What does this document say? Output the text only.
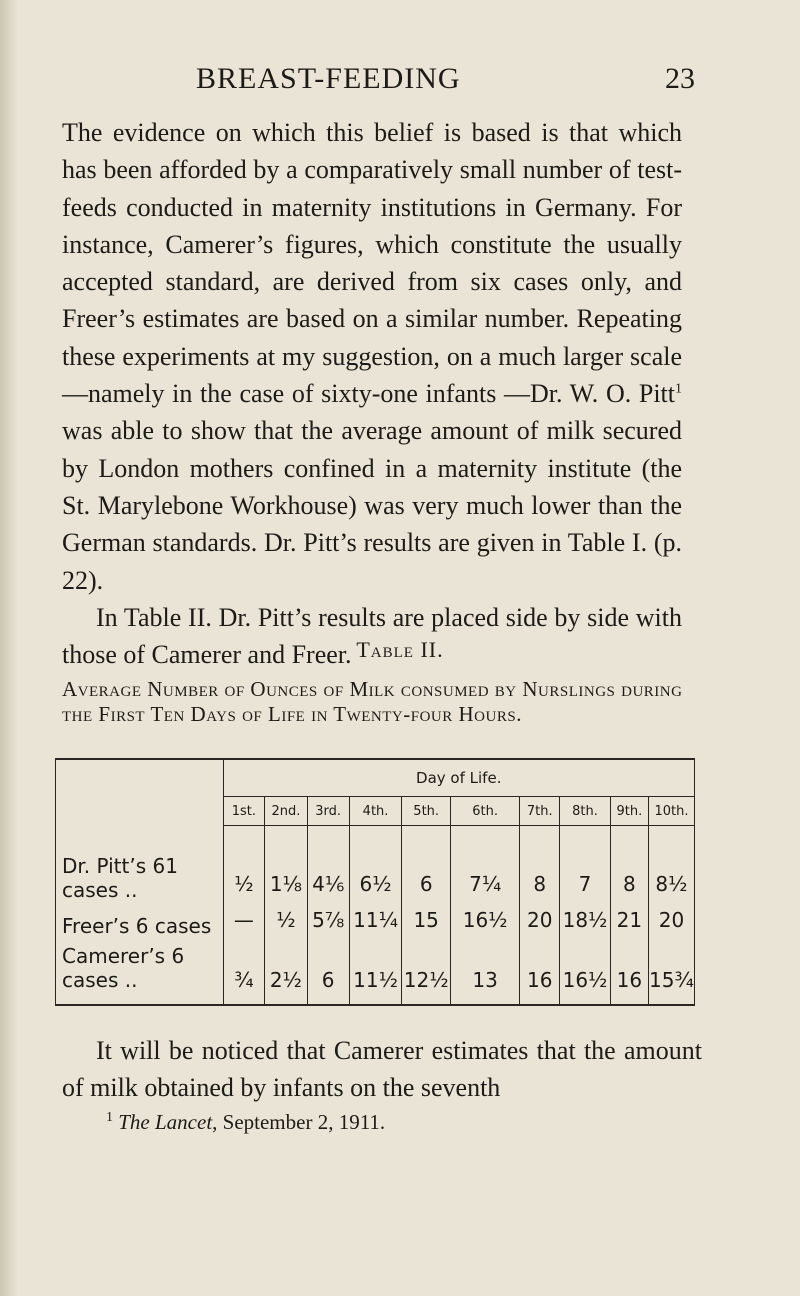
BREAST-FEEDING	23

The evidence on which this belief is based is that which has been afforded by a comparatively small number of test-feeds conducted in maternity institutions in Germany. For instance, Camerer’s figures, which constitute the usually accepted standard, are derived from six cases only, and Freer’s estimates are based on a similar number. Repeating these experiments at my suggestion, on a much larger scale—namely in the case of sixty-one infants —Dr. W. O. Pitt$^1$ was able to show that the average amount of milk secured by London mothers confined in a maternity institute (the St. Marylebone Workhouse) was very much lower than the German standards. Dr. Pitt’s results are given in Table I. (p. 22).

In Table II. Dr. Pitt’s results are placed side by side with those of Camerer and Freer. Table II.
Average Number of Ounces of Milk consumed by Nurslings during the First Ten Days of Life in Twenty-four Hours.
	Day of Life.									
	1st.	2nd.	3rd.	4th.	5th.	6th.	7th.	8th.	9th.	10th.
Dr. Pitt’s 61 cases ..	½	1⅛	4⅙	6½	6	7¼	8	7	8	8½
Freer’s 6 cases	—	½	5⅞	11¼	15	16½	20	18½	21	20
Camerer’s 6 cases ..	¾	2½	6	11½	12½	13	16	16½	16	15¾
It will be noticed that Camerer estimates that the amount of milk obtained by infants on the seventh
$^1$ The Lancet, September 2, 1911.
